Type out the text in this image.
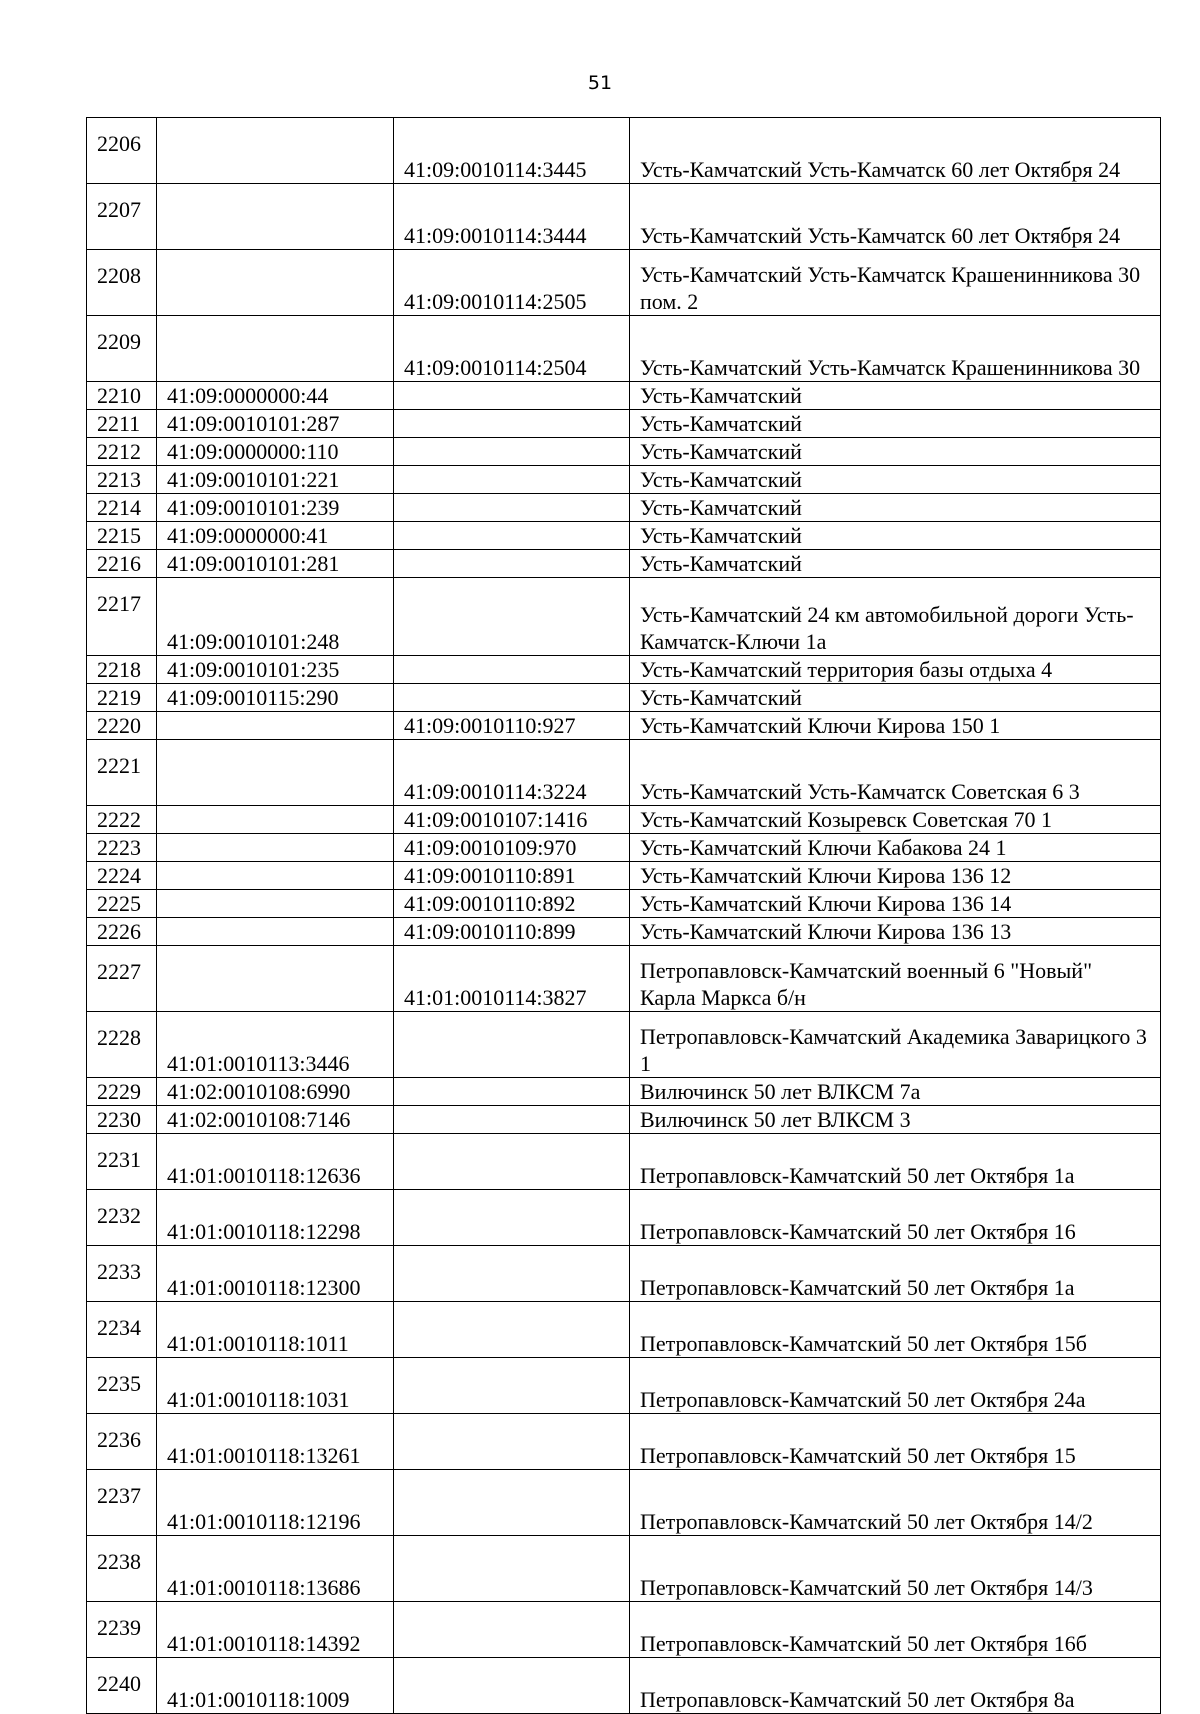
51
2206		41:09:0010114:3445	Усть-Камчатский Усть-Камчатск 60 лет Октября 24
2207		41:09:0010114:3444	Усть-Камчатский Усть-Камчатск 60 лет Октября 24
2208		41:09:0010114:2505	Усть-Камчатский Усть-Камчатск Крашенинникова 30 пом. 2
2209		41:09:0010114:2504	Усть-Камчатский Усть-Камчатск Крашенинникова 30
2210	41:09:0000000:44		Усть-Камчатский
2211	41:09:0010101:287		Усть-Камчатский
2212	41:09:0000000:110		Усть-Камчатский
2213	41:09:0010101:221		Усть-Камчатский
2214	41:09:0010101:239		Усть-Камчатский
2215	41:09:0000000:41		Усть-Камчатский
2216	41:09:0010101:281		Усть-Камчатский
2217	41:09:0010101:248		Усть-Камчатский 24 км автомобильной дороги Усть-Камчатск-Ключи 1а
2218	41:09:0010101:235		Усть-Камчатский территория базы отдыха 4
2219	41:09:0010115:290		Усть-Камчатский
2220		41:09:0010110:927	Усть-Камчатский Ключи Кирова 150 1
2221		41:09:0010114:3224	Усть-Камчатский Усть-Камчатск Советская 6 3
2222		41:09:0010107:1416	Усть-Камчатский Козыревск Советская 70 1
2223		41:09:0010109:970	Усть-Камчатский Ключи Кабакова 24 1
2224		41:09:0010110:891	Усть-Камчатский Ключи Кирова 136 12
2225		41:09:0010110:892	Усть-Камчатский Ключи Кирова 136 14
2226		41:09:0010110:899	Усть-Камчатский Ключи Кирова 136 13
2227		41:01:0010114:3827	Петропавловск-Камчатский военный 6 "Новый" Карла Маркса б/н
2228	41:01:0010113:3446		Петропавловск-Камчатский Академика Заварицкого 3 1
2229	41:02:0010108:6990		Вилючинск 50 лет ВЛКСМ 7а
2230	41:02:0010108:7146		Вилючинск 50 лет ВЛКСМ 3
2231	41:01:0010118:12636		Петропавловск-Камчатский 50 лет Октября 1а
2232	41:01:0010118:12298		Петропавловск-Камчатский 50 лет Октября 16
2233	41:01:0010118:12300		Петропавловск-Камчатский 50 лет Октября 1а
2234	41:01:0010118:1011		Петропавловск-Камчатский 50 лет Октября 15б
2235	41:01:0010118:1031		Петропавловск-Камчатский 50 лет Октября 24а
2236	41:01:0010118:13261		Петропавловск-Камчатский 50 лет Октября 15
2237	41:01:0010118:12196		Петропавловск-Камчатский 50 лет Октября 14/2
2238	41:01:0010118:13686		Петропавловск-Камчатский 50 лет Октября 14/3
2239	41:01:0010118:14392		Петропавловск-Камчатский 50 лет Октября 16б
2240	41:01:0010118:1009		Петропавловск-Камчатский 50 лет Октября 8а
